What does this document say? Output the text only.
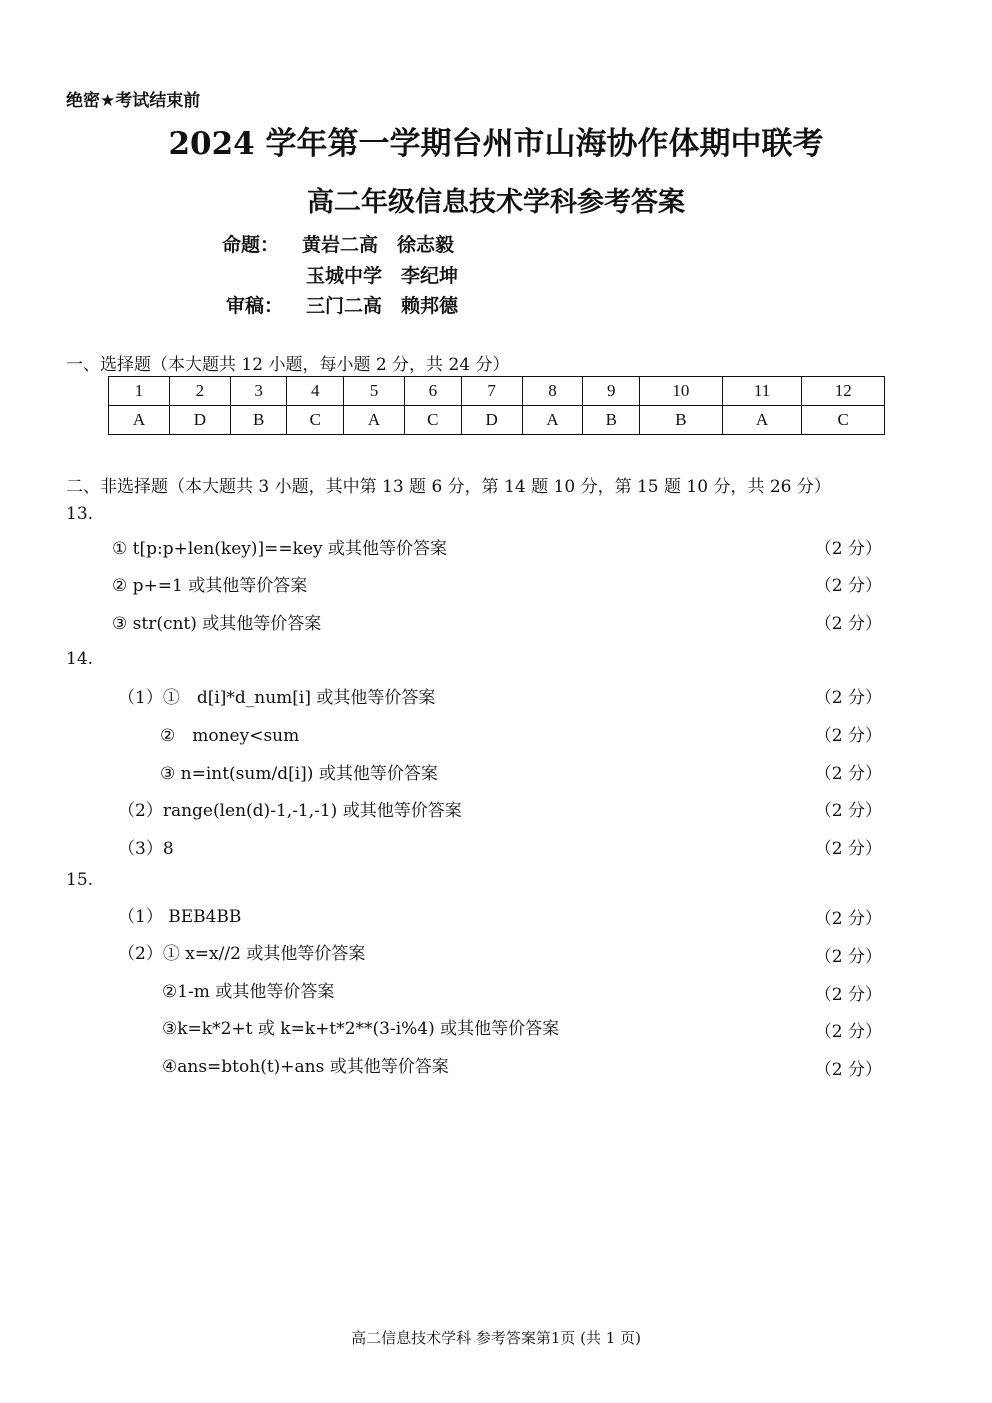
绝密★考试结束前
2024 学年第一学期台州市山海协作体期中联考
高二年级信息技术学科参考答案
命题： 黄岩二高　徐志毅
玉城中学　李纪坤
审稿： 三门二高　赖邦德
一、选择题（本大题共 12 小题，每小题 2 分，共 24 分）
1	2	3	4	5	6	7	8	9	10	11	12
A	D	B	C	A	C	D	A	B	B	A	C
二、非选择题（本大题共 3 小题，其中第 13 题 6 分，第 14 题 10 分，第 15 题 10 分，共 26 分）
13.
① t[p:p+len(key)]==key 或其他等价答案	（2 分）
② p+=1 或其他等价答案	（2 分）
③ str(cnt) 或其他等价答案	（2 分）
14.
（1）①　d[i]*d_num[i] 或其他等价答案	（2 分）
②　money<sum	（2 分）
③ n=int(sum/d[i]) 或其他等价答案	（2 分）
（2）range(len(d)-1,-1,-1) 或其他等价答案	（2 分）
（3）8	（2 分）
15.
（1） BEB4BB	（2 分）
（2）① x=x//2 或其他等价答案	（2 分）
②1-m 或其他等价答案	（2 分）
③k=k*2+t 或 k=k+t*2**(3-i%4) 或其他等价答案	（2 分）
④ans=btoh(t)+ans 或其他等价答案	（2 分）
高二信息技术学科 参考答案第1页 (共 1 页)
